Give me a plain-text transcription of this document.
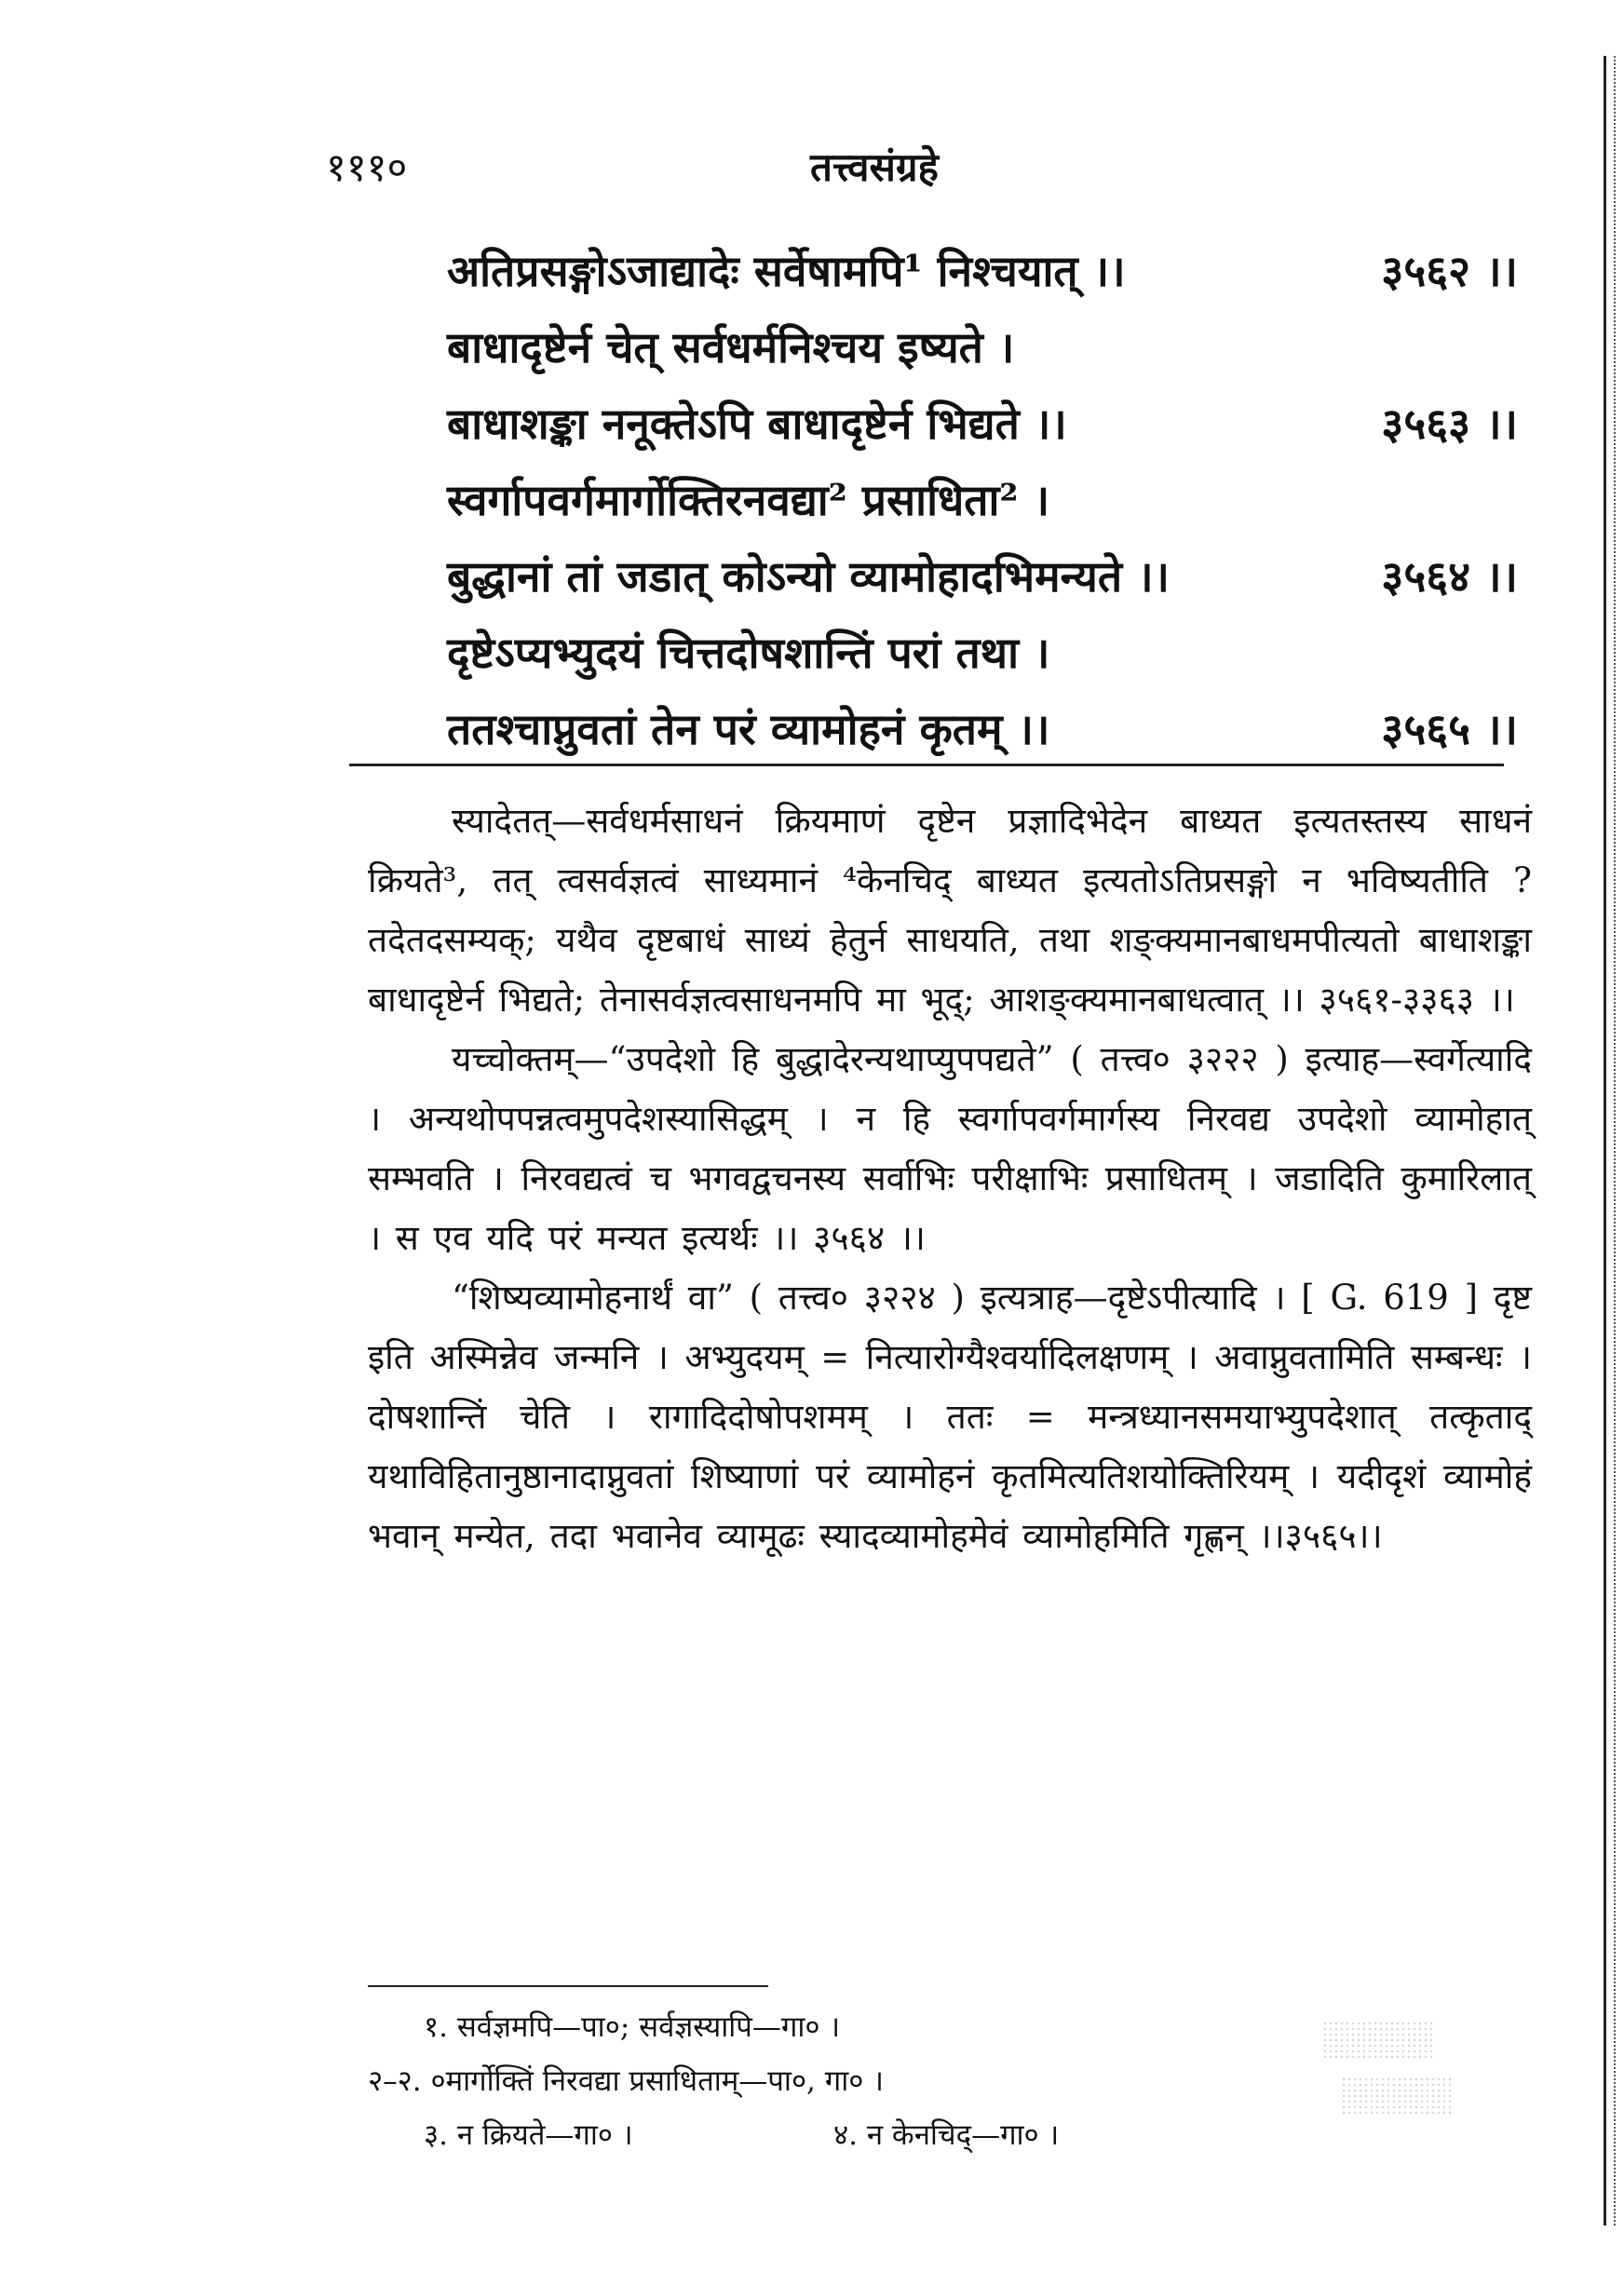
१११०	तत्त्वसंग्रहे
अतिप्रसङ्गोऽजाद्यादेः सर्वेषामपि¹ निश्चयात् ।।	३५६२ ।।
बाधादृष्टेर्न चेत् सर्वधर्मनिश्चय इष्यते ।
बाधाशङ्का ननूक्तेऽपि बाधादृष्टेर्न भिद्यते ।।	३५६३ ।।
स्वर्गापवर्गमार्गोक्तिरनवद्या² प्रसाधिता² ।
बुद्धानां तां जडात् कोऽन्यो व्यामोहादभिमन्यते ।।	३५६४ ।।
दृष्टेऽप्यभ्युदयं चित्तदोषशान्तिं परां तथा ।
ततश्चाप्नुवतां तेन परं व्यामोहनं कृतम् ।।	३५६५ ।।

स्यादेतत्—सर्वधर्मसाधनं क्रियमाणं दृष्टेन प्रज्ञादिभेदेन बाध्यत इत्यतस्तस्य साधनं क्रियते³, तत् त्वसर्वज्ञत्वं साध्यमानं ⁴केनचिद् बाध्यत इत्यतोऽतिप्रसङ्गो न भविष्यतीति ? तदेतदसम्यक्; यथैव दृष्टबाधं साध्यं हेतुर्न साधयति, तथा शङ्क्यमानबाधमपीत्यतो बाधाशङ्का बाधादृष्टेर्न भिद्यते; तेनासर्वज्ञत्वसाधनमपि मा भूद्; आशङ्क्यमानबाधत्वात् ।। ३५६१-३३६३ ।।

यच्चोक्तम्—“उपदेशो हि बुद्धादेरन्यथाप्युपपद्यते” ( तत्त्व० ३२२२ ) इत्याह—स्वर्गेत्यादि । अन्यथोपपन्नत्वमुपदेशस्यासिद्धम् । न हि स्वर्गापवर्गमार्गस्य निरवद्य उपदेशो व्यामोहात् सम्भवति । निरवद्यत्वं च भगवद्वचनस्य सर्वाभिः परीक्षाभिः प्रसाधितम् । जडादिति कुमारिलात् । स एव यदि परं मन्यत इत्यर्थः ।। ३५६४ ।।

“शिष्यव्यामोहनार्थं वा” ( तत्त्व० ३२२४ ) इत्यत्राह—दृष्टेऽपीत्यादि । [ G. 619 ] दृष्ट इति अस्मिन्नेव जन्मनि । अभ्युदयम् = नित्यारोग्यैश्वर्यादिलक्षणम् । अवाप्नुवतामिति सम्बन्धः । दोषशान्तिं चेति । रागादिदोषोपशमम् । ततः = मन्त्रध्यानसमयाभ्युपदेशात् तत्कृताद् यथाविहितानुष्ठानादाप्नुवतां शिष्याणां परं व्यामोहनं कृतमित्यतिशयोक्तिरियम् । यदीदृशं व्यामोहं भवान् मन्येत, तदा भवानेव व्यामूढः स्यादव्यामोहमेवं व्यामोहमिति गृह्णन् ।।३५६५।।

१. सर्वज्ञमपि—पा०; सर्वज्ञस्यापि—गा० ।
२–२. ०मार्गोक्तिं निरवद्या प्रसाधिताम्—पा०, गा० ।
३. न क्रियते—गा० ।	४. न केनचिद्—गा० ।
